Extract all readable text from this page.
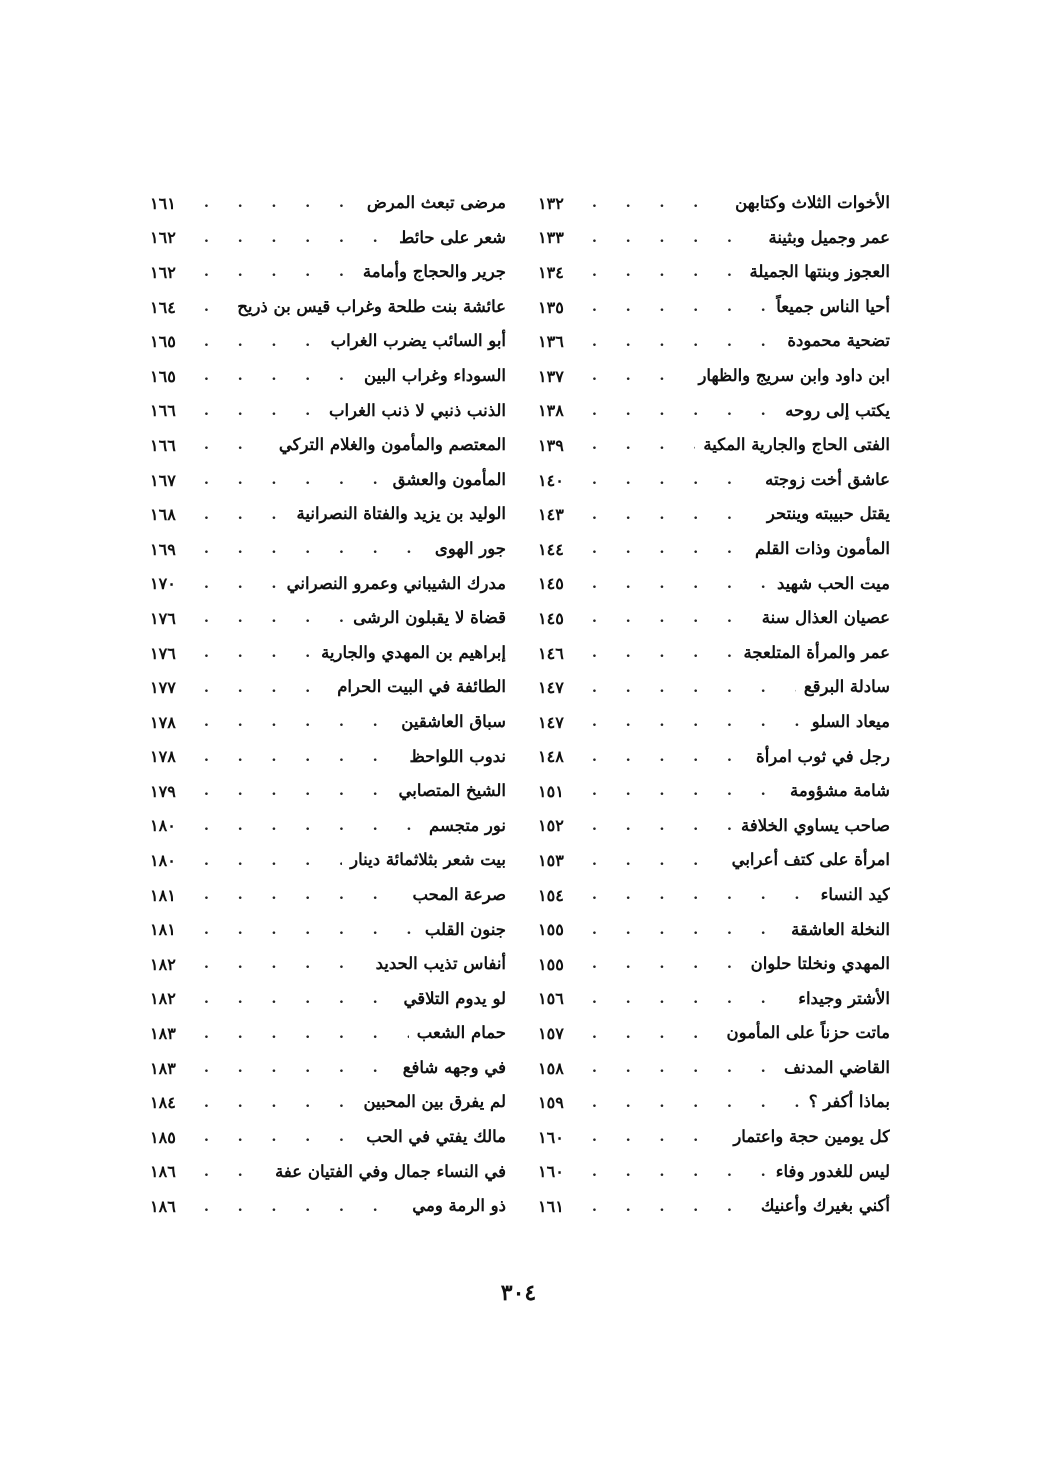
١٣٢ . . .	الأخوات الثلاث وكتابهن
١٣٣ . . .	عمر وجميل وبثينة
١٣٤ . . .	العجوز وبنتها الجميلة
١٣٥ . . .	أحيا الناس جميعاً
١٣٦ . . .	تضحية محمودة
١٣٧ . . .	ابن داود وابن سريج والظهار
١٣٨ . . .	يكتب إلى روحه
١٣٩ . . .	الفتى الحاج والجارية المكية
١٤٠ . . .	عاشق أخت زوجته
١٤٣ . . .	يقتل حبيبته وينتحر
١٤٤ . . .	المأمون وذات القلم
١٤٥ . . .	ميت الحب شهيد
١٤٥ . . .	عصيان العذال سنة
١٤٦ . . .	عمر والمرأة المتلعجة
١٤٧ . . .	سادلة البرقع
١٤٧ . . .	ميعاد السلو
١٤٨ . . .	رجل في ثوب امرأة
١٥١ . . .	شامة مشؤومة
١٥٢ . . .	صاحب يساوي الخلافة
١٥٣ . . .	امرأة على كتف أعرابي
١٥٤ . . .	كيد النساء
١٥٥ . . .	النخلة العاشقة
١٥٥ . . .	المهدي ونخلتا حلوان
١٥٦ . . .	الأشتر وجيداء
١٥٧ . . .	ماتت حزناً على المأمون
١٥٨ . . .	القاضي المدنف
١٥٩ . . .	بماذا أكفر ؟
١٦٠ . . .	كل يومين حجة واعتمار
١٦٠ . . .	ليس للغدور وفاء
١٦١ . . .	أكني بغيرك وأعنيك
١٦١ . . .	مرضى تبعث المرض
١٦٢ . . .	شعر على حائط
١٦٢ . . .	جرير والحجاج وأمامة
١٦٤ . . .	عائشة بنت طلحة وغراب قيس بن ذريح
١٦٥ . . .	أبو السائب يضرب الغراب
١٦٥ . . .	السوداء وغراب البين
١٦٦ . . .	الذنب ذنبي لا ذنب الغراب
١٦٦ . . .	المعتصم والمأمون والغلام التركي
١٦٧ . . .	المأمون والعشق
١٦٨ . . .	الوليد بن يزيد والفتاة النصرانية
١٦٩ . . .	جور الهوى
١٧٠ . . .	مدرك الشيباني وعمرو النصراني
١٧٦ . . .	قضاة لا يقبلون الرشى
١٧٦ . . .	إبراهيم بن المهدي والجارية
١٧٧ . . .	الطائفة في البيت الحرام
١٧٨ . . .	سباق العاشقين
١٧٨ . . .	ندوب اللواحظ
١٧٩ . . .	الشيخ المتصابي
١٨٠ . . .	نور متجسم
١٨٠ . . .	بيت شعر بثلاثمائة دينار
١٨١ . . .	صرعة المحب
١٨١ . . .	جنون القلب
١٨٢ . . .	أنفاس تذيب الحديد
١٨٢ . . .	لو يدوم التلاقي
١٨٣ . . .	حمام الشعب
١٨٣ . . .	في وجهه شافع
١٨٤ . . .	لم يفرق بين المحبين
١٨٥ . . .	مالك يفتي في الحب
١٨٦ . . .	في النساء جمال وفي الفتيان عفة
١٨٦ . . .	ذو الرمة ومي
٣٠٤
